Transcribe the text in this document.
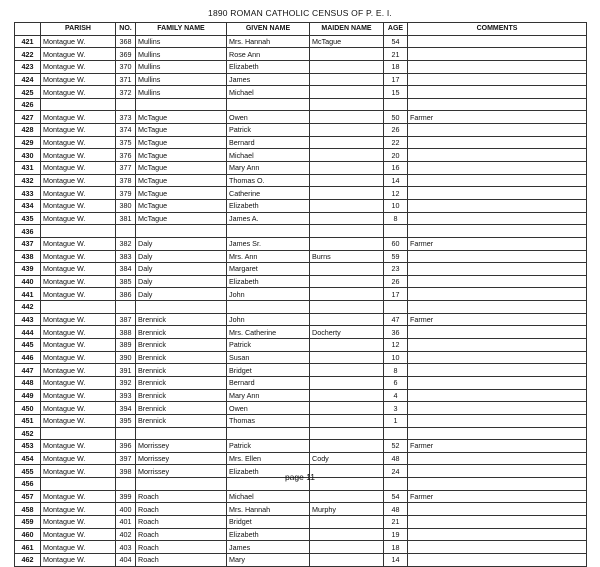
1890 ROMAN CATHOLIC CENSUS OF P. E. I.
	PARISH	NO.	FAMILY NAME	GIVEN NAME	MAIDEN NAME	AGE	COMMENTS
421	Montague W.	368	Mullins	Mrs. Hannah	McTague	54	
422	Montague W.	369	Mullins	Rose Ann		21	
423	Montague W.	370	Mullins	Elizabeth		18	
424	Montague W.	371	Mullins	James		17	
425	Montague W.	372	Mullins	Michael		15	
426							
427	Montague W.	373	McTague	Owen		50	Farmer
428	Montague W.	374	McTague	Patrick		26	
429	Montague W.	375	McTague	Bernard		22	
430	Montague W.	376	McTague	Michael		20	
431	Montague W.	377	McTague	Mary Ann		16	
432	Montague W.	378	McTague	Thomas O.		14	
433	Montague W.	379	McTague	Catherine		12	
434	Montague W.	380	McTague	Elizabeth		10	
435	Montague W.	381	McTague	James A.		8	
436							
437	Montague W.	382	Daly	James Sr.		60	Farmer
438	Montague W.	383	Daly	Mrs. Ann	Burns	59	
439	Montague W.	384	Daly	Margaret		23	
440	Montague W.	385	Daly	Elizabeth		26	
441	Montague W.	386	Daly	John		17	
442							
443	Montague W.	387	Brennick	John		47	Farmer
444	Montague W.	388	Brennick	Mrs. Catherine	Docherty	36	
445	Montague W.	389	Brennick	Patrick		12	
446	Montague W.	390	Brennick	Susan		10	
447	Montague W.	391	Brennick	Bridget		8	
448	Montague W.	392	Brennick	Bernard		6	
449	Montague W.	393	Brennick	Mary Ann		4	
450	Montague W.	394	Brennick	Owen		3	
451	Montague W.	395	Brennick	Thomas		1	
452							
453	Montague W.	396	Morrissey	Patrick		52	Farmer
454	Montague W.	397	Morrissey	Mrs. Ellen	Cody	48	
455	Montague W.	398	Morrissey	Elizabeth		24	
456							
457	Montague W.	399	Roach	Michael		54	Farmer
458	Montague W.	400	Roach	Mrs. Hannah	Murphy	48	
459	Montague W.	401	Roach	Bridget		21	
460	Montague W.	402	Roach	Elizabeth		19	
461	Montague W.	403	Roach	James		18	
462	Montague W.	404	Roach	Mary		14	
page 11
